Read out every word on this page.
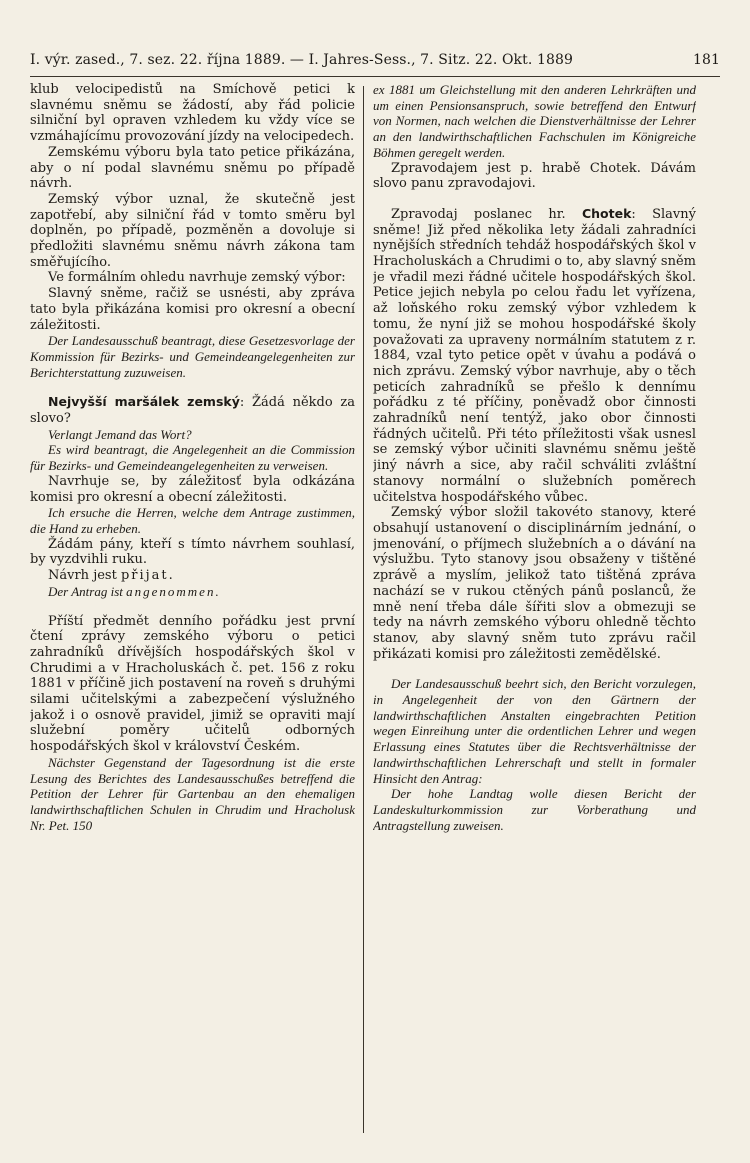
I. výr. zased., 7. sez. 22. října 1889. — I. Jahres-Sess., 7. Sitz. 22. Okt. 1889	181

klub velocipedistů na Smíchově petici k slavnému sněmu se žádostí, aby řád policie silniční byl opraven vzhledem ku vždy více se vzmáhajícímu provozování jízdy na velocipedech.

Zemskému výboru byla tato petice přikázána, aby o ní podal slavnému sněmu po případě návrh.

Zemský výbor uznal, že skutečně jest zapotřebí, aby silniční řád v tomto směru byl doplněn, po případě, pozměněn a dovoluje si předložiti slavnému sněmu návrh zákona tam směřujícího.

Ve formálním ohledu navrhuje zemský výbor:

Slavný sněme, račiž se usnésti, aby zpráva tato byla přikázána komisi pro okresní a obecní záležitosti.

Der Landesausschuß beantragt, diese Gesetzesvorlage der Kommission für Bezirks- und Gemeindeangelegenheiten zur Berichterstattung zuzuweisen.

Nejvyšší maršálek zemský: Žádá někdo za slovo?

Verlangt Jemand das Wort?

Es wird beantragt, die Angelegenheit an die Commission für Bezirks- und Gemeindeangelegenheiten zu verweisen.

Navrhuje se, by záležitosť byla odkázána komisi pro okresní a obecní záležitosti.

Ich ersuche die Herren, welche dem Antrage zustimmen, die Hand zu erheben.

Žádám pány, kteří s tímto návrhem souhlasí, by vyzdvihli ruku.

Návrh jest přijat.

Der Antrag ist angenommen.

Příští předmět denního pořádku jest první čtení zprávy zemského výboru o petici zahradníků dřívějších hospodářských škol v Chrudimi a v Hracholuskách č. pet. 156 z roku 1881 v příčině jich postavení na roveň s druhými silami učitelskými a zabezpečení výslužného jakož i o osnově pravidel, jimiž se opraviti mají služební poměry učitelů odborných hospodářských škol v království Českém.

Nächster Gegenstand der Tagesordnung ist die erste Lesung des Berichtes des Landesausschußes betreffend die Petition der Lehrer für Gartenbau an den ehemaligen landwirthschaftlichen Schulen in Chrudim und Hracholusk Nr. Pet. 150

ex 1881 um Gleichstellung mit den anderen Lehrkräften und um einen Pensionsanspruch, sowie betreffend den Entwurf von Normen, nach welchen die Dienstverhältnisse der Lehrer an den landwirthschaftlichen Fachschulen im Königreiche Böhmen geregelt werden.

Zpravodajem jest p. hrabě Chotek. Dávám slovo panu zpravodajovi.

Zpravodaj poslanec hr. Chotek: Slavný sněme! Již před několika lety žádali zahradníci nynějších středních tehdáž hospodářských škol v Hracholuskách a Chrudimi o to, aby slavný sněm je vřadil mezi řádné učitele hospodářských škol. Petice jejich nebyla po celou řadu let vyřízena, až loňského roku zemský výbor vzhledem k tomu, že nyní již se mohou hospodářské školy považovati za upraveny normálním statutem z r. 1884, vzal tyto petice opět v úvahu a podává o nich zprávu. Zemský výbor navrhuje, aby o těch peticích zahradníků se přešlo k dennímu pořádku z té příčiny, poněvadž obor činnosti zahradníků není tentýž, jako obor činnosti řádných učitelů. Při této příležitosti však usnesl se zemský výbor učiniti slavnému sněmu ještě jiný návrh a sice, aby račil schváliti zvláštní stanovy normální o služebních poměrech učitelstva hospodářského vůbec.

Zemský výbor složil takovéto stanovy, které obsahují ustanovení o disciplinárním jednání, o jmenování, o příjmech služebních a o dávání na výslužbu. Tyto stanovy jsou obsaženy v tištěné zprávě a myslím, jelikož tato tištěná zpráva nachází se v rukou ctěných pánů poslanců, že mně není třeba dále šířiti slov a obmezuji se tedy na návrh zemského výboru ohledně těchto stanov, aby slavný sněm tuto zprávu račil přikázati komisi pro záležitosti zemědělské.

Der Landesausschuß beehrt sich, den Bericht vorzulegen, in Angelegenheit der von den Gärtnern der landwirthschaftlichen Anstalten eingebrachten Petition wegen Einreihung unter die ordentlichen Lehrer und wegen Erlassung eines Statutes über die Rechtsverhältnisse der landwirthschaftlichen Lehrerschaft und stellt in formaler Hinsicht den Antrag:

Der hohe Landtag wolle diesen Bericht der Landeskulturkommission zur Vorberathung und Antragstellung zuweisen.
